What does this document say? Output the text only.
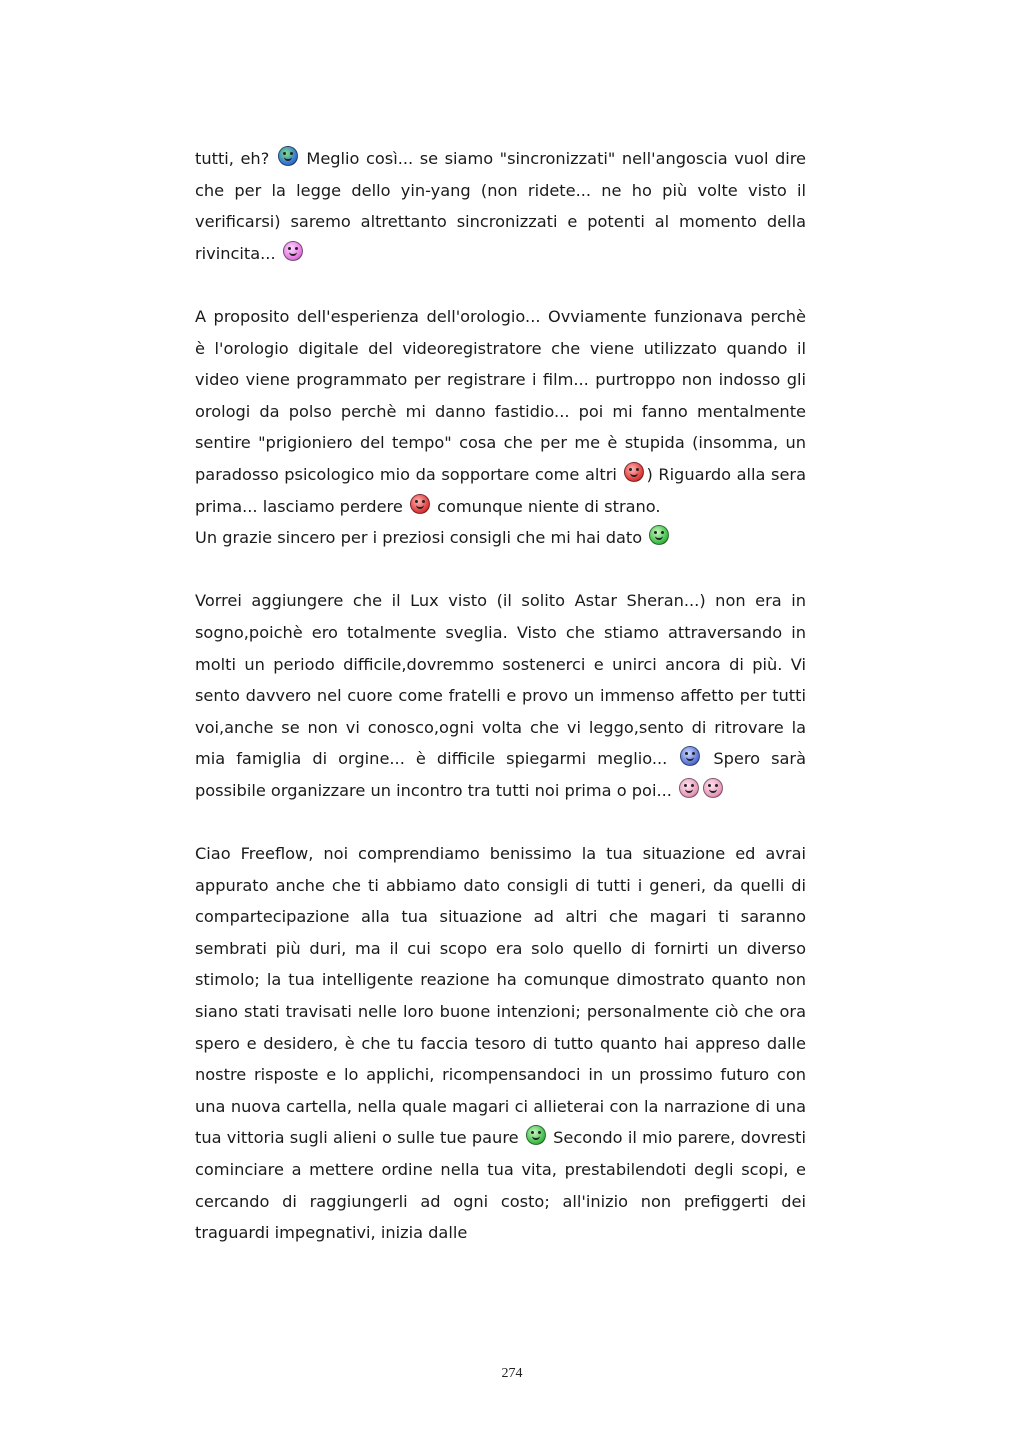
tutti, eh?
Meglio così... se siamo "sincronizzati" nell'angoscia vuol dire che per la legge dello yin-yang (non ridete... ne ho più volte visto il verificarsi) saremo altrettanto sincronizzati e potenti al momento della rivincita...

A proposito dell'esperienza dell'orologio... Ovviamente funzionava perchè è l'orologio digitale del videoregistratore che viene utilizzato quando il video viene programmato per registrare i film... purtroppo non indosso gli orologi da polso perchè mi danno fastidio... poi mi fanno mentalmente sentire "prigioniero del tempo" cosa che per me è stupida (insomma, un paradosso psicologico mio da sopportare come altri
) Riguardo alla sera prima... lasciamo perdere
comunque niente di strano.
Un grazie sincero per i preziosi consigli che mi hai dato

Vorrei aggiungere che il Lux visto (il solito Astar Sheran...) non era in sogno,poichè ero totalmente sveglia. Visto che stiamo attraversando in molti un periodo difficile,dovremmo sostenerci e unirci ancora di più. Vi sento davvero nel cuore come fratelli e provo un immenso affetto per tutti voi,anche se non vi conosco,ogni volta che vi leggo,sento di ritrovare la mia famiglia di orgine... è difficile spiegarmi meglio...
Spero sarà possibile organizzare un incontro tra tutti noi prima o poi...

Ciao Freeflow, noi comprendiamo benissimo la tua situazione ed avrai appurato anche che ti abbiamo dato consigli di tutti i generi, da quelli di compartecipazione alla tua situazione ad altri che magari ti saranno sembrati più duri, ma il cui scopo era solo quello di fornirti un diverso stimolo; la tua intelligente reazione ha comunque dimostrato quanto non siano stati travisati nelle loro buone intenzioni; personalmente ciò che ora spero e desidero, è che tu faccia tesoro di tutto quanto hai appreso dalle nostre risposte e lo applichi, ricompensandoci in un prossimo futuro con una nuova cartella, nella quale magari ci allieterai con la narrazione di una tua vittoria sugli alieni o sulle tue paure
Secondo il mio parere, dovresti cominciare a mettere ordine nella tua vita, prestabilendoti degli scopi, e cercando di raggiungerli ad ogni costo; all'inizio non prefiggerti dei traguardi impegnativi, inizia dalle

274
